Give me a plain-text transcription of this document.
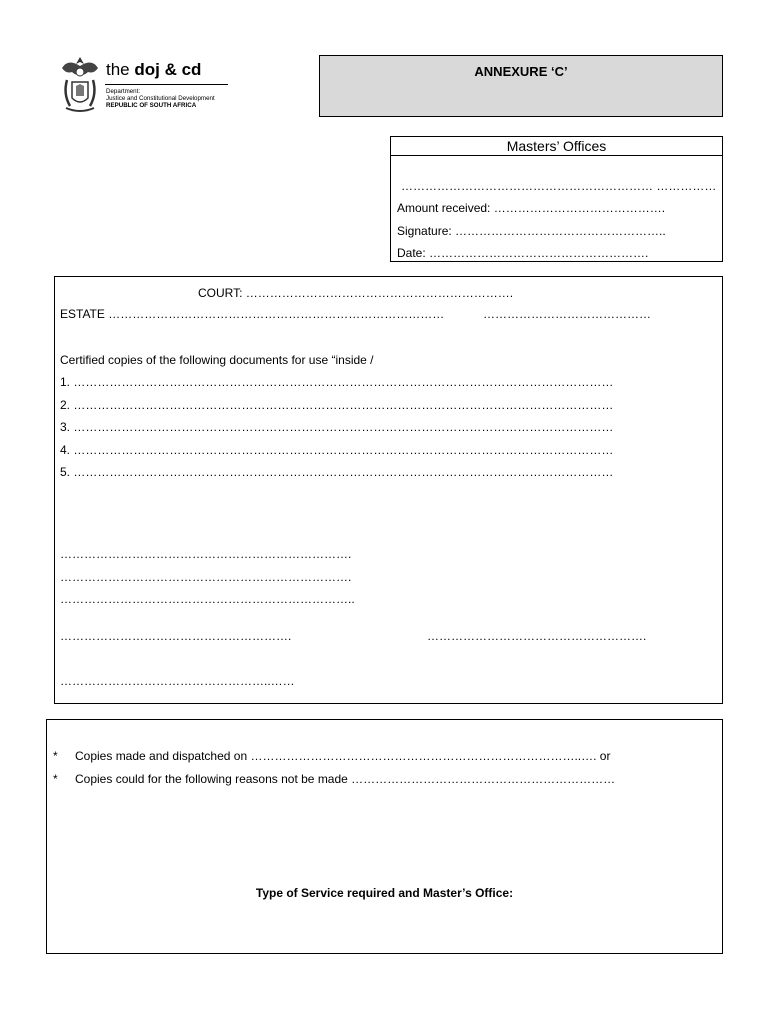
the doj & cd
Department:
Justice and Constitutional Development
REPUBLIC OF SOUTH AFRICA
ANNEXURE ‘C’
Masters’ Offices
……………………………………………………… ……………
Amount received: …………………………………….
Signature: ……………………………………………..
Date: ……………………………………………….
COURT: ………………………………………………………….
ESTATE …………………………………………………………………………	……………………………………
Certified copies of the following documents for use “inside /
1. ………………………………………………………………………………………………………………………
2. ………………………………………………………………………………………………………………………
3. ………………………………………………………………………………………………………………………
4. ………………………………………………………………………………………………………………………
5. ………………………………………………………………………………………………………………………
……………………………………………………………….
……………………………………………………………….
………………………………………………………………..
………………………………………………….	……………………………………………….
……………………………………………..……
* Copies made and dispatched on ………………………………………………………………………..…. or
* Copies could for the following reasons not be made …………………………………………………………
Type of Service required and Master’s Office:
